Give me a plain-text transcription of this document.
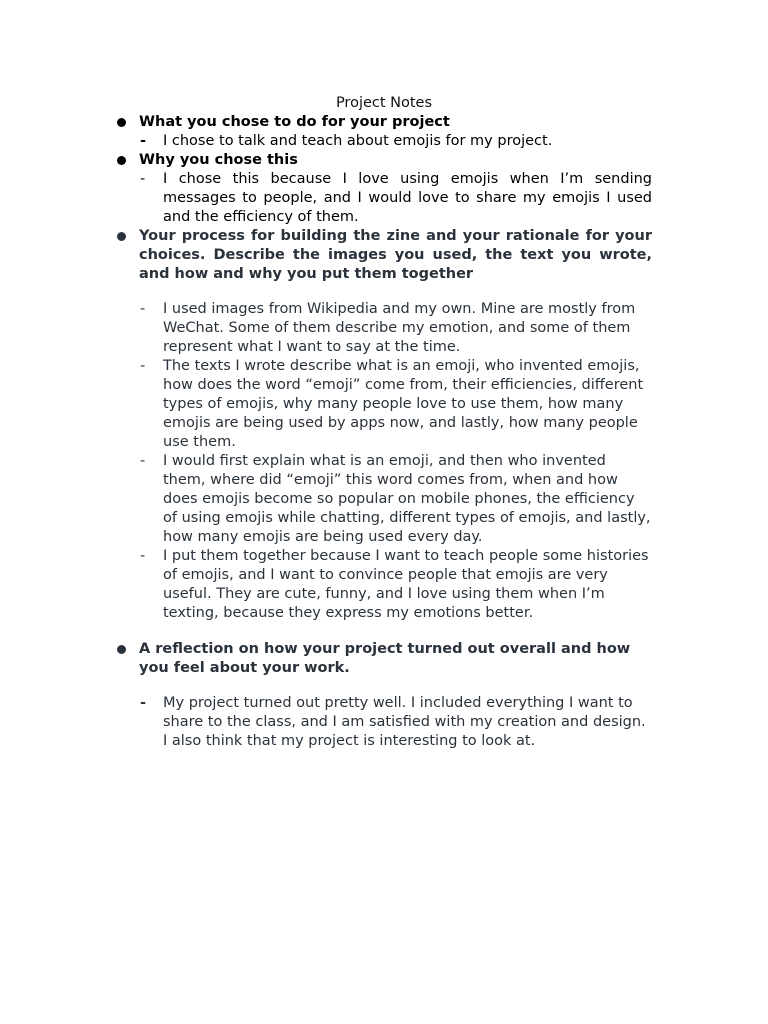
Project Notes
What you chose to do for your project
- I chose to talk and teach about emojis for my project.
Why you chose this
- I chose this because I love using emojis when I’m sending messages to people, and I would love to share my emojis I used and the efficiency of them.
Your process for building the zine and your rationale for your choices. Describe the images you used, the text you wrote, and how and why you put them together
- I used images from Wikipedia and my own. Mine are mostly from WeChat. Some of them describe my emotion, and some of them represent what I want to say at the time.
- The texts I wrote describe what is an emoji, who invented emojis, how does the word “emoji” come from, their efficiencies, different types of emojis, why many people love to use them, how many emojis are being used by apps now, and lastly, how many people use them.
- I would first explain what is an emoji, and then who invented them, where did “emoji” this word comes from, when and how does emojis become so popular on mobile phones, the efficiency of using emojis while chatting, different types of emojis, and lastly, how many emojis are being used every day.
- I put them together because I want to teach people some histories of emojis, and I want to convince people that emojis are very useful. They are cute, funny, and I love using them when I’m texting, because they express my emotions better.
A reflection on how your project turned out overall and how you feel about your work.
- My project turned out pretty well. I included everything I want to share to the class, and I am satisfied with my creation and design. I also think that my project is interesting to look at.
